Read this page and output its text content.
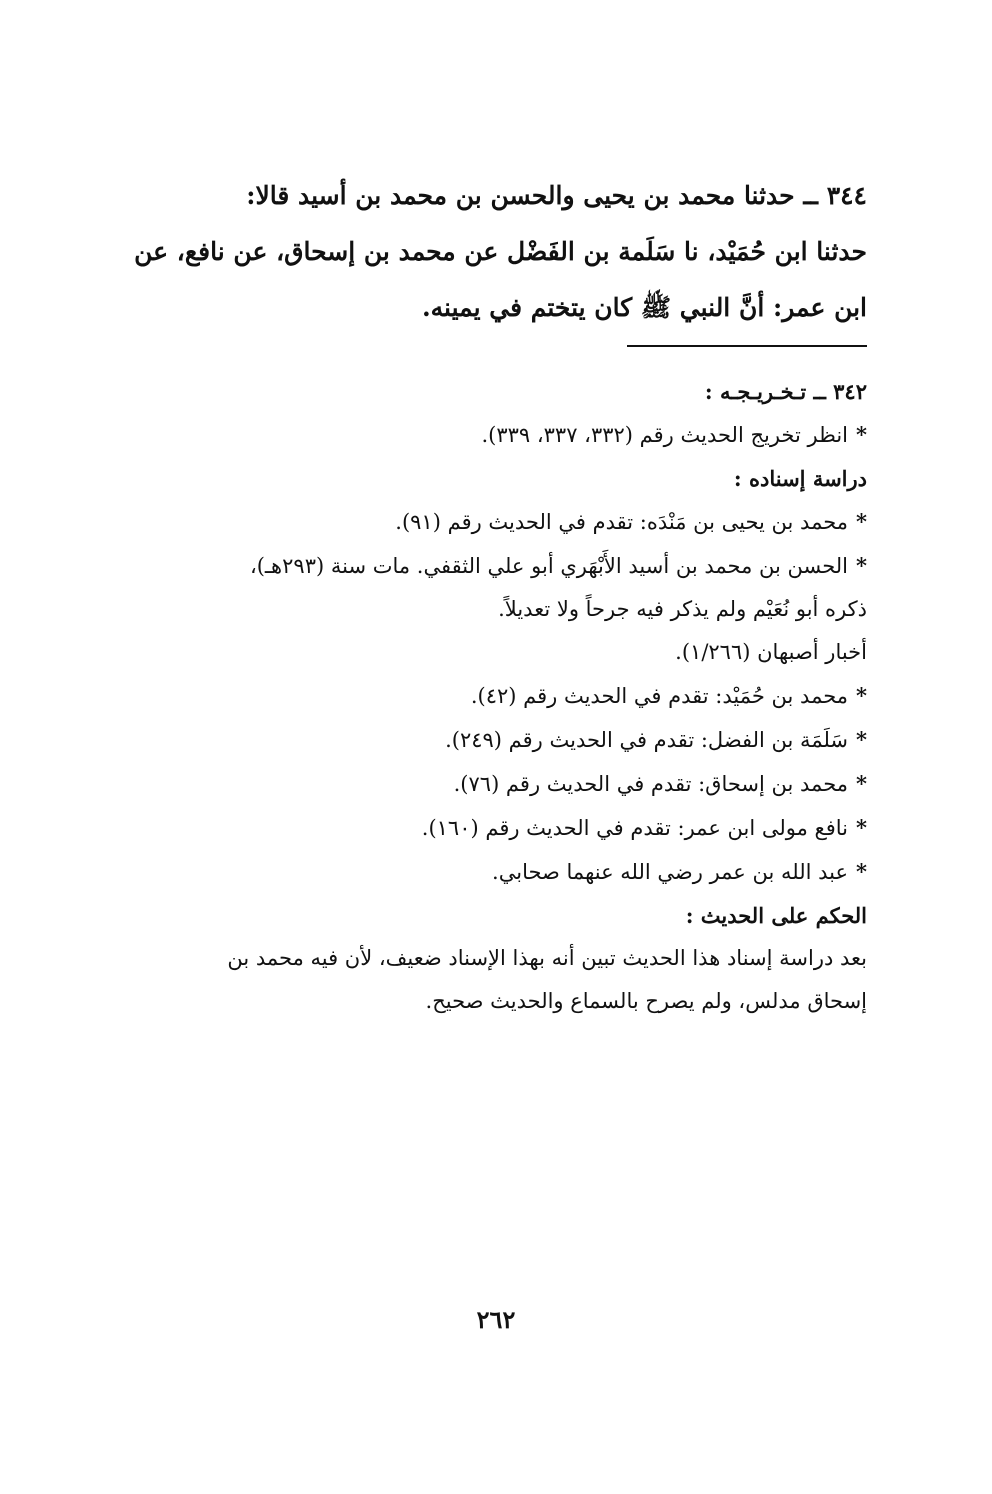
٣٤٤ ــ حدثنا محمد بن يحيى والحسن بن محمد بن أسيد قالا:
حدثنا ابن حُمَيْد، نا سَلَمة بن الفَضْل عن محمد بن إسحاق، عن نافع، عن
ابن عمر: أنَّ النبي ﷺ كان يتختم في يمينه.
٣٤٢ ــ تـخـريـجـه :
*انظر تخريج الحديث رقم (٣٣٢، ٣٣٧، ٣٣٩).
دراسة إسناده :
*محمد بن يحيى بن مَنْدَه: تقدم في الحديث رقم (٩١).
*الحسن بن محمد بن أسيد الأَبْهَري أبو علي الثقفي. مات سنة (٢٩٣هـ)،
ذكره أبو نُعَيْم ولم يذكر فيه جرحاً ولا تعديلاً.
أخبار أصبهان (١/٢٦٦).
*محمد بن حُمَيْد: تقدم في الحديث رقم (٤٢).
*سَلَمَة بن الفضل: تقدم في الحديث رقم (٢٤٩).
*محمد بن إسحاق: تقدم في الحديث رقم (٧٦).
*نافع مولى ابن عمر: تقدم في الحديث رقم (١٦٠).
*عبد الله بن عمر رضي الله عنهما صحابي.
الحكم على الحديث :
بعد دراسة إسناد هذا الحديث تبين أنه بهذا الإسناد ضعيف، لأن فيه محمد بن
إسحاق مدلس، ولم يصرح بالسماع والحديث صحيح.
٢٦٢
